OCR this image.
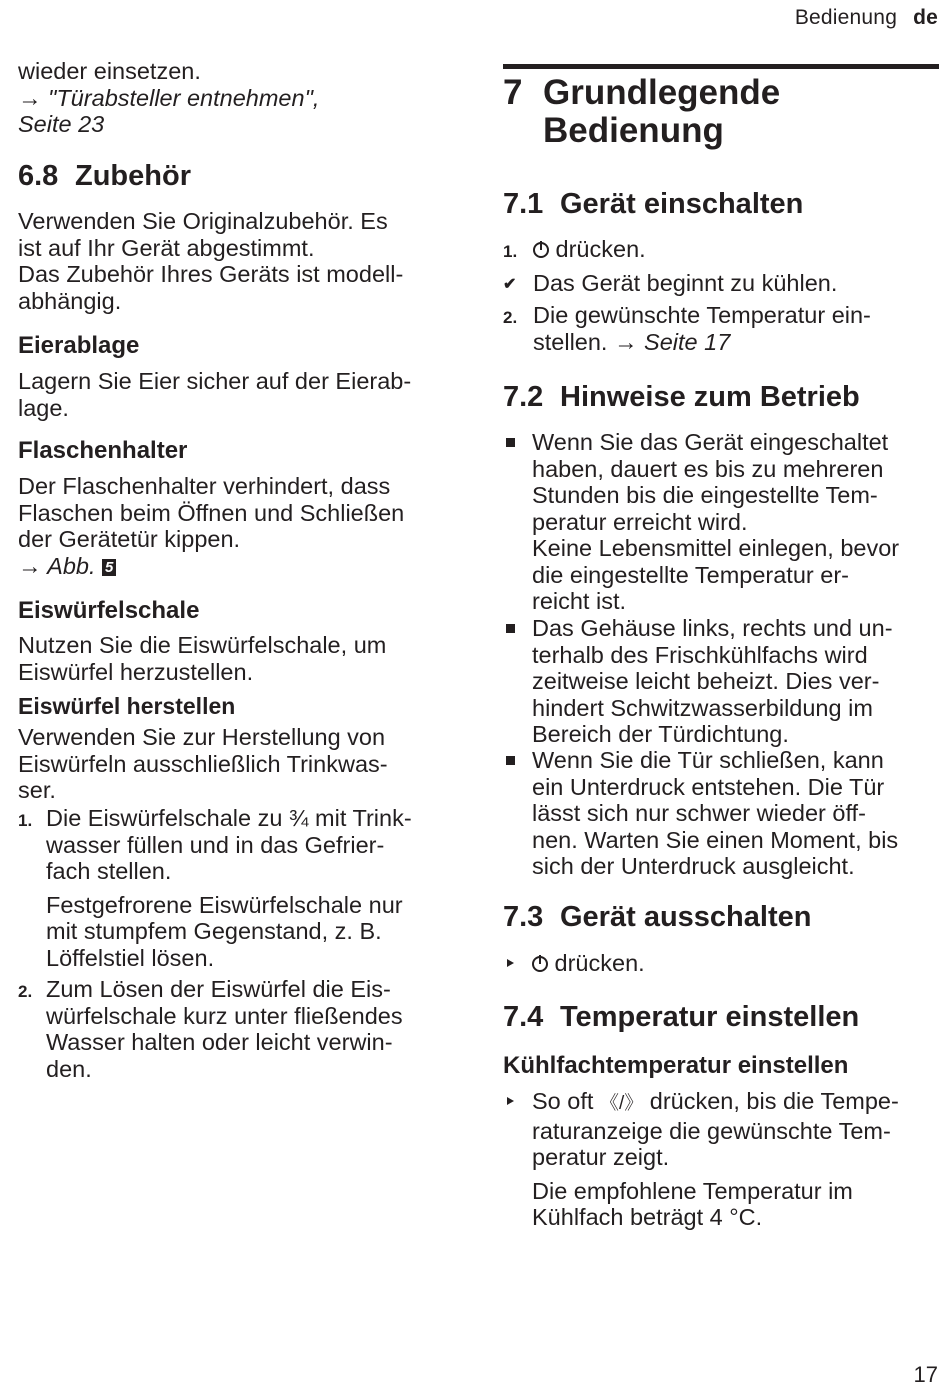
Bedienung de

wieder einsetzen.

→ "Türabsteller entnehmen",

Seite 23

6.8 Zubehör

Verwenden Sie Originalzubehör. Es

ist auf Ihr Gerät abgestimmt.

Das Zubehör Ihres Geräts ist modell-

abhängig.

Eierablage

Lagern Sie Eier sicher auf der Eierab-

lage.

Flaschenhalter

Der Flaschenhalter verhindert, dass

Flaschen beim Öffnen und Schließen

der Gerätetür kippen.

→ Abb. 5

Eiswürfelschale

Nutzen Sie die Eiswürfelschale, um

Eiswürfel herzustellen.

Eiswürfel herstellen

Verwenden Sie zur Herstellung von

Eiswürfeln ausschließlich Trinkwas-

ser.

1. Die Eiswürfelschale zu ¾ mit Trink-

wasser füllen und in das Gefrier-

fach stellen.

Festgefrorene Eiswürfelschale nur

mit stumpfem Gegenstand, z. B.

Löffelstiel lösen.

2. Zum Lösen der Eiswürfel die Eis-

würfelschale kurz unter fließendes

Wasser halten oder leicht verwin-

den.

7 Grundlegende
Bedienung
7.1 Gerät einschalten
1.	drücken.

✔ Das Gerät beginnt zu kühlen.

2. Die gewünschte Temperatur ein-

stellen. → Seite 17

7.2 Hinweise zum Betrieb

Wenn Sie das Gerät eingeschaltet

haben, dauert es bis zu mehreren

Stunden bis die eingestellte Tem-

peratur erreicht wird.

Keine Lebensmittel einlegen, bevor

die eingestellte Temperatur er-

reicht ist.

Das Gehäuse links, rechts und un-

terhalb des Frischkühlfachs wird

zeitweise leicht beheizt. Dies ver-

hindert Schwitzwasserbildung im

Bereich der Türdichtung.

Wenn Sie die Tür schließen, kann

ein Unterdruck entstehen. Die Tür

lässt sich nur schwer wieder öff-

nen. Warten Sie einen Moment, bis

sich der Unterdruck ausgleicht.

7.3 Gerät ausschalten

drücken.

7.4 Temperatur einstellen
Kühlfachtemperatur einstellen

So oft 《/》 drücken, bis die Tempe-

raturanzeige die gewünschte Tem-

peratur zeigt.

Die empfohlene Temperatur im

Kühlfach beträgt 4 °C.

17
